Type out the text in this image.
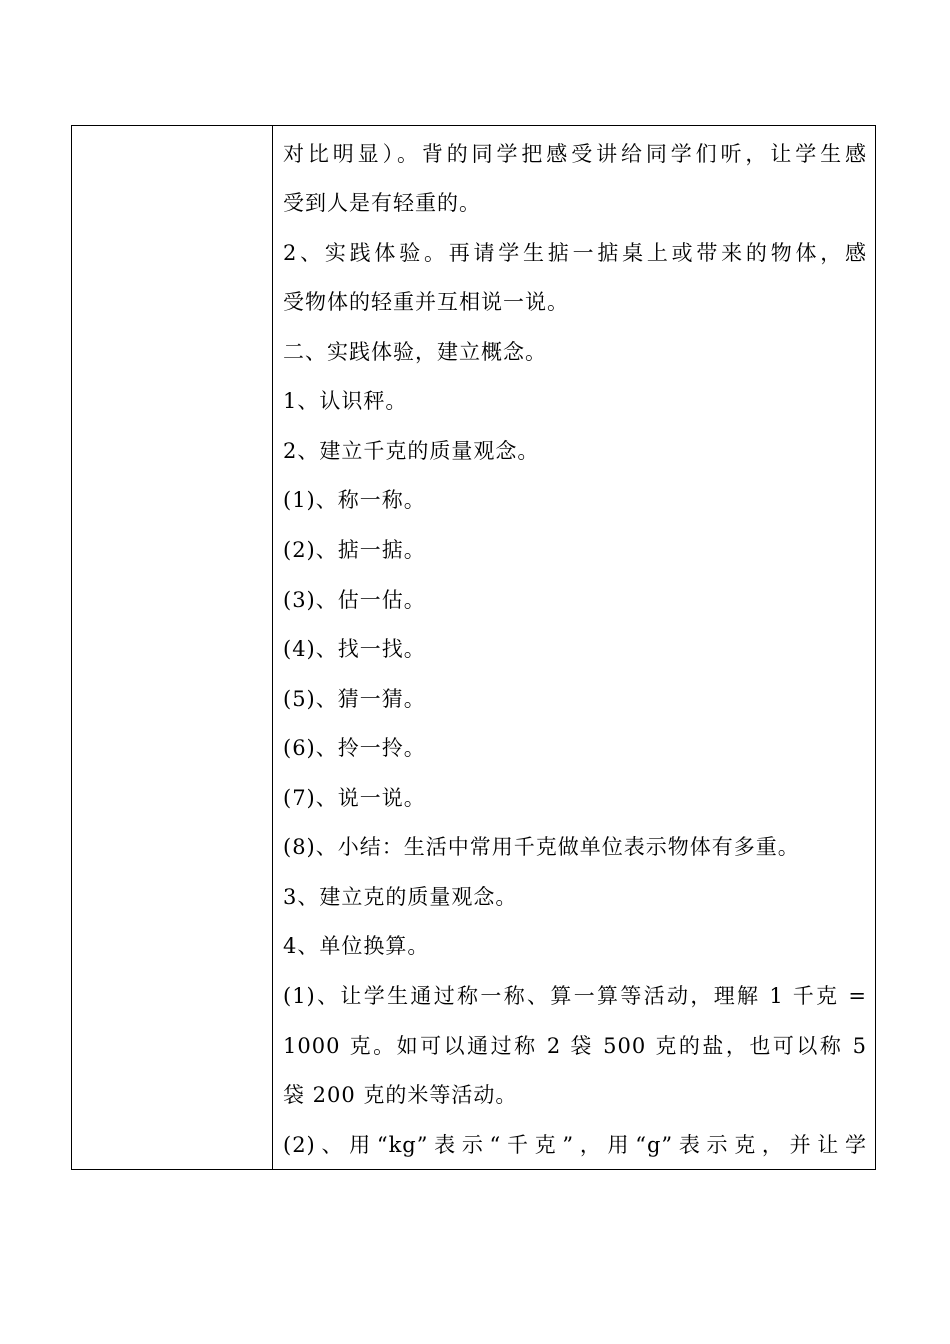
对比明显）。背的同学把感受讲给同学们听，让学生感
受到人是有轻重的。
2、实践体验。再请学生掂一掂桌上或带来的物体，感
受物体的轻重并互相说一说。
二、实践体验，建立概念。
1、认识秤。
2、建立千克的质量观念。
(1)、称一称。
(2)、掂一掂。
(3)、估一估。
(4)、找一找。
(5)、猜一猜。
(6)、拎一拎。
(7)、说一说。
(8)、小结：生活中常用千克做单位表示物体有多重。
3、建立克的质量观念。
4、单位换算。
(1)、让学生通过称一称、算一算等活动，理解 1 千克 =
1000 克。如可以通过称 2 袋 500 克的盐，也可以称 5
袋 200 克的米等活动。
(2)、用“kg”表示“千克”，用“g”表示克，并让学
